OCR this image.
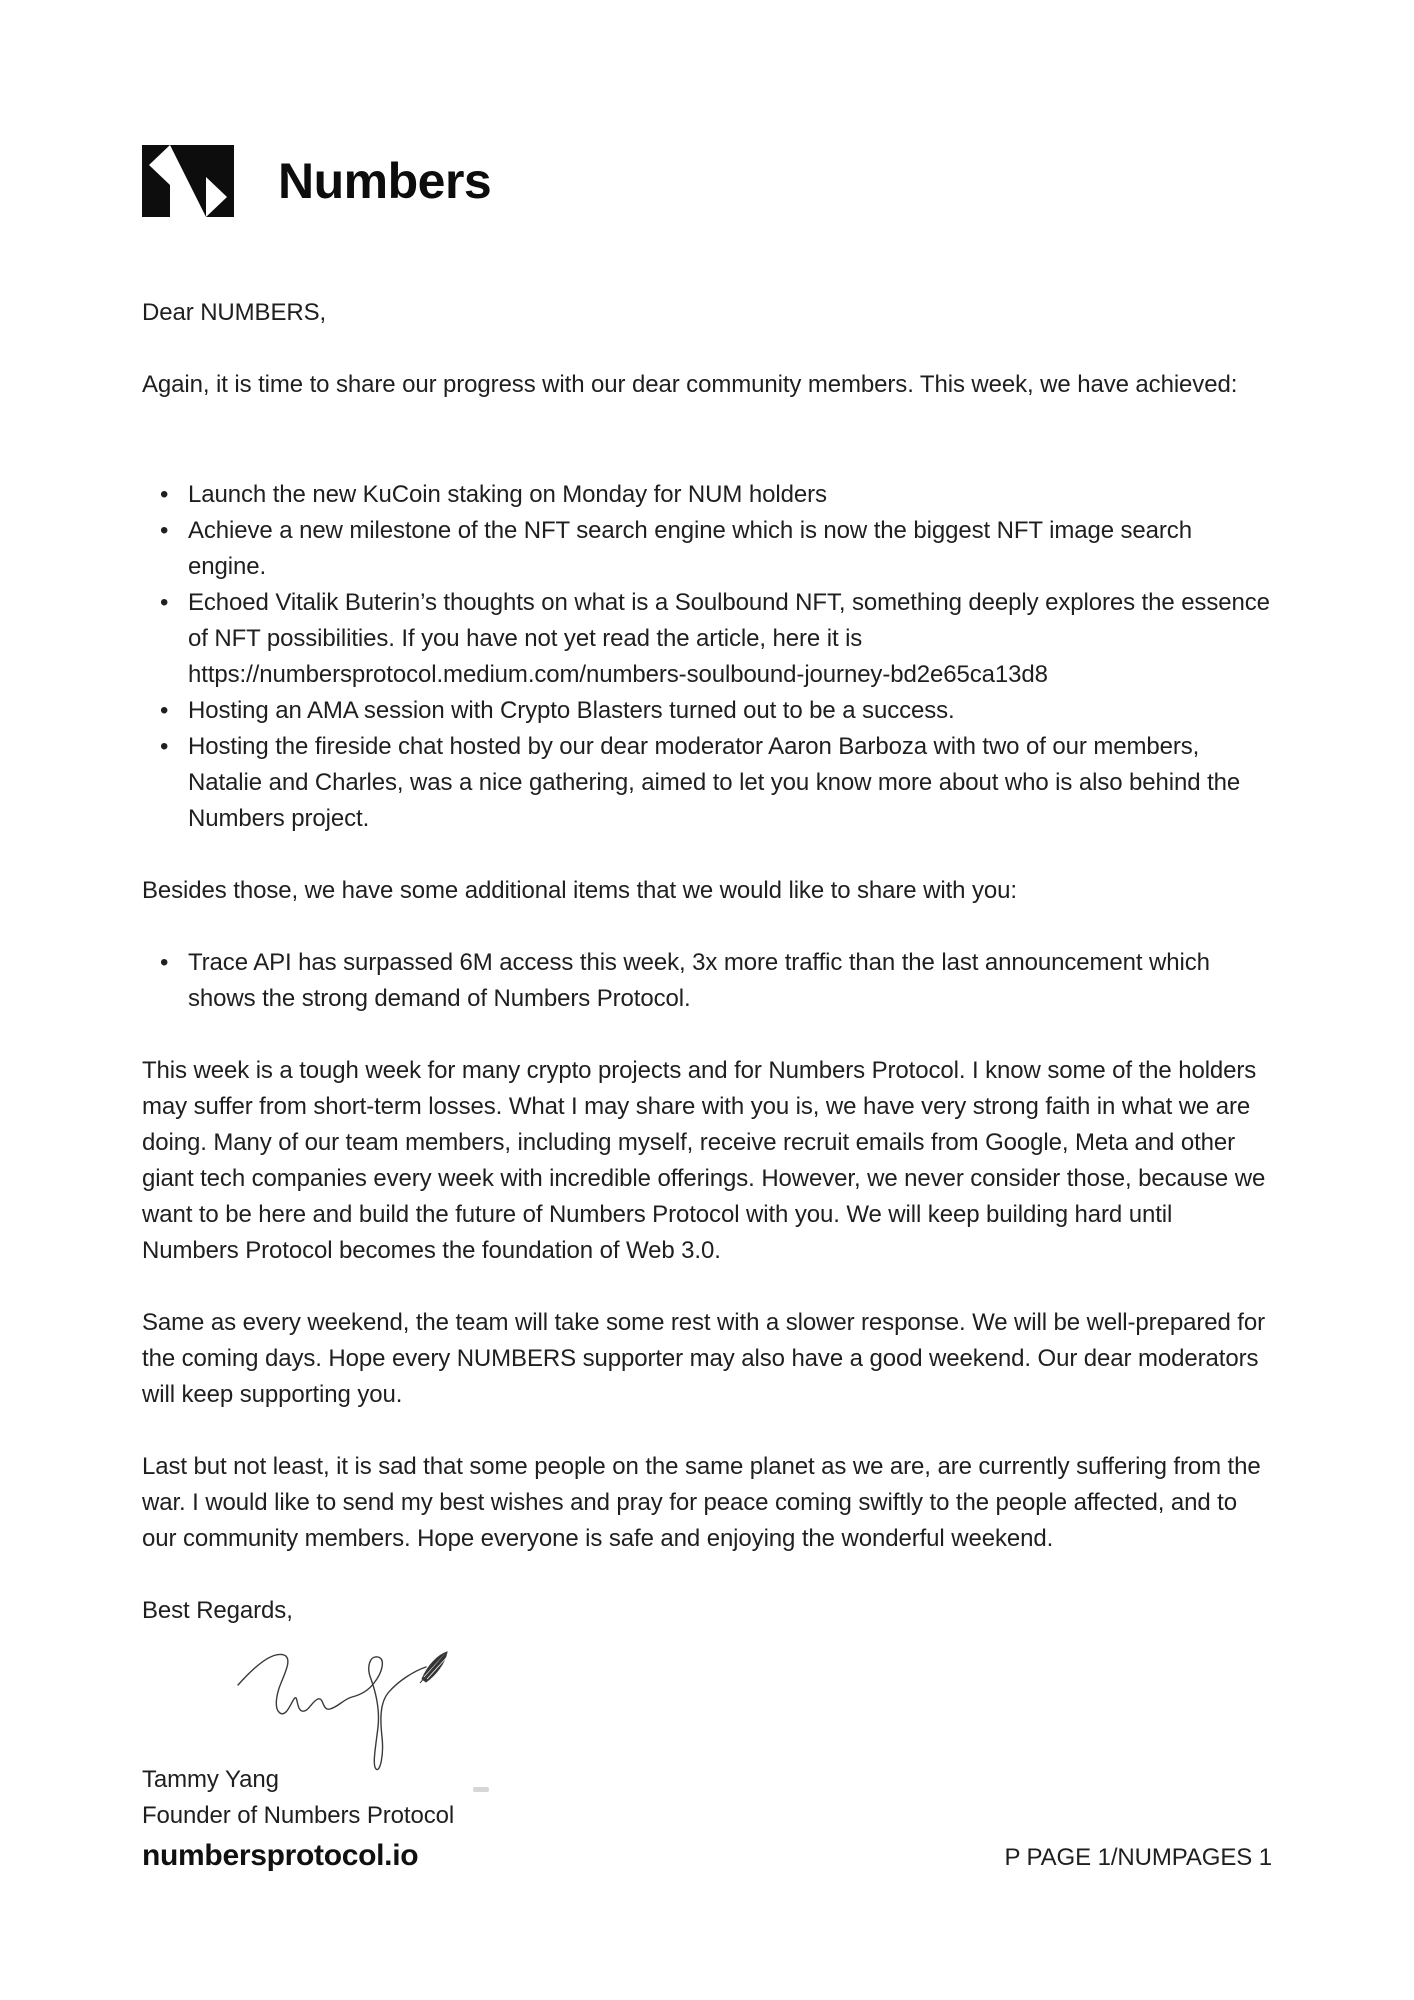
Numbers

Dear NUMBERS,

Again, it is time to share our progress with our dear community members. This week, we have achieved:

• Launch the new KuCoin staking on Monday for NUM holders
• Achieve a new milestone of the NFT search engine which is now the biggest NFT image search engine.
• Echoed Vitalik Buterin’s thoughts on what is a Soulbound NFT, something deeply explores the essence of NFT possibilities. If you have not yet read the article, here it is https://numbersprotocol.medium.com/numbers-soulbound-journey-bd2e65ca13d8
• Hosting an AMA session with Crypto Blasters turned out to be a success.
• Hosting the fireside chat hosted by our dear moderator Aaron Barboza with two of our members, Natalie and Charles, was a nice gathering, aimed to let you know more about who is also behind the Numbers project.

Besides those, we have some additional items that we would like to share with you:

• Trace API has surpassed 6M access this week, 3x more traffic than the last announcement which shows the strong demand of Numbers Protocol.

This week is a tough week for many crypto projects and for Numbers Protocol. I know some of the holders may suffer from short-term losses. What I may share with you is, we have very strong faith in what we are doing. Many of our team members, including myself, receive recruit emails from Google, Meta and other giant tech companies every week with incredible offerings. However, we never consider those, because we want to be here and build the future of Numbers Protocol with you. We will keep building hard until Numbers Protocol becomes the foundation of Web 3.0.

Same as every weekend, the team will take some rest with a slower response. We will be well-prepared for the coming days. Hope every NUMBERS supporter may also have a good weekend. Our dear moderators will keep supporting you.

Last but not least, it is sad that some people on the same planet as we are, are currently suffering from the war. I would like to send my best wishes and pray for peace coming swiftly to the people affected, and to our community members. Hope everyone is safe and enjoying the wonderful weekend.

Best Regards,

Tammy Yang

Founder of Numbers Protocol

numbersprotocol.io	P PAGE 1/NUMPAGES 1
